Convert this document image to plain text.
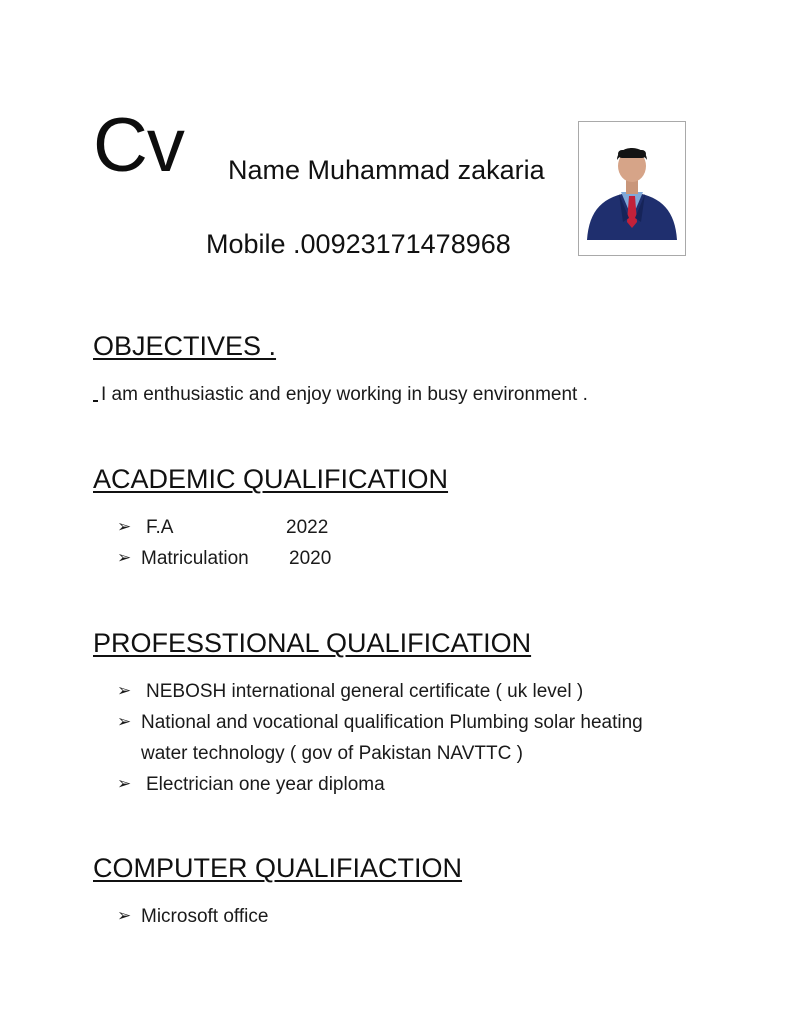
Cv Name Muhammad zakaria
Mobile .00923171478968
OBJECTIVES .
I am enthusiastic and enjoy working in busy environment .
ACADEMIC QUALIFICATION
➢ F.A	2022
➢ Matriculation 2020
PROFESSTIONAL QUALIFICATION
➢ NEBOSH international general certificate ( uk level )
➢ National and vocational qualification Plumbing solar heating water technology ( gov of Pakistan NAVTTC )
➢ Electrician one year diploma
COMPUTER QUALIFIACTION
➢ Microsoft office
